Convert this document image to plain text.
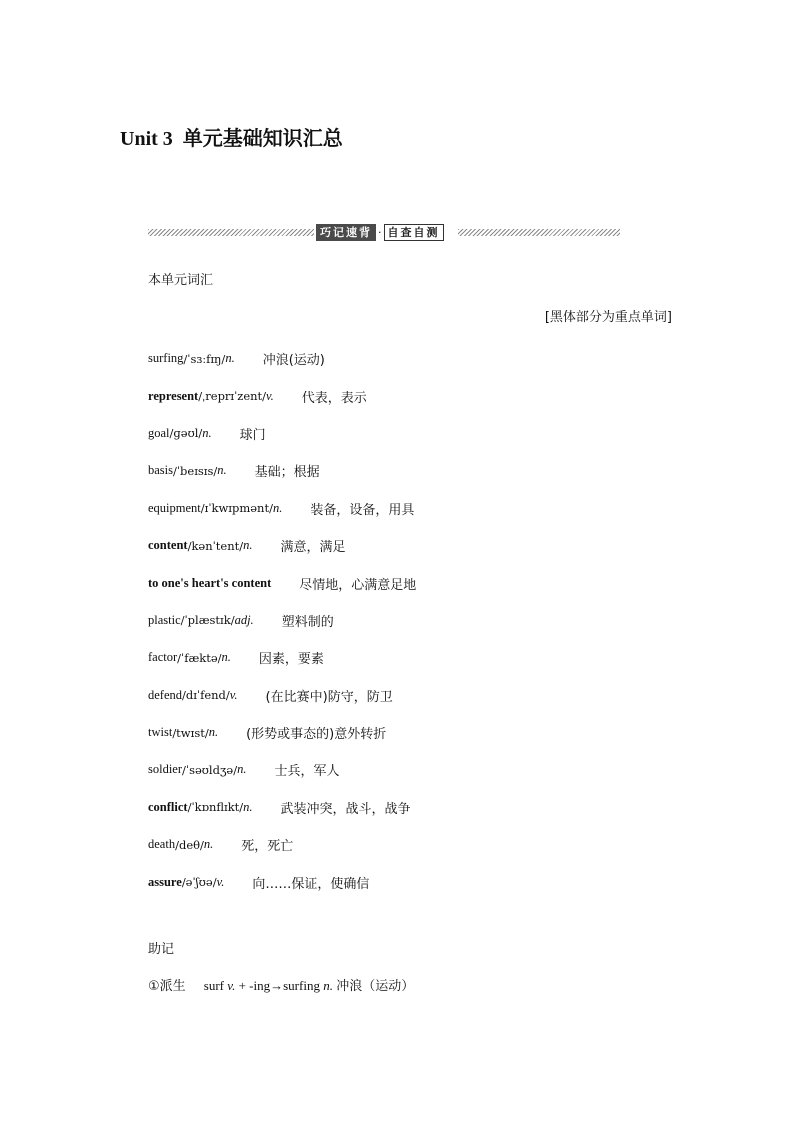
Unit 3 单元基础知识汇总
巧记速背 · 自查自测
本单元词汇
[黑体部分为重点单词]
surfing /ˈsɜːfɪŋ/ n. 冲浪(运动)
represent /ˌreprɪˈzent/ v. 代表，表示
goal /ɡəʊl/ n. 球门
basis /ˈbeɪsɪs/ n. 基础；根据
equipment /ɪˈkwɪpmənt/ n. 装备，设备，用具
content /kənˈtent/ n. 满意，满足
to one's heart's content 尽情地，心满意足地
plastic /ˈplæstɪk/ adj. 塑料制的
factor /ˈfæktə/ n. 因素，要素
defend /dɪˈfend/ v. (在比赛中)防守，防卫
twist /twɪst/ n. (形势或事态的)意外转折
soldier /ˈsəʊldʒə/ n. 士兵，军人
conflict /ˈkɒnflɪkt/ n. 武装冲突，战斗，战争
death /deθ/ n. 死，死亡
assure /əˈʃʊə/ v. 向……保证，使确信
助记
①派生 surf v. + -ing→surfing n. 冲浪（运动）
